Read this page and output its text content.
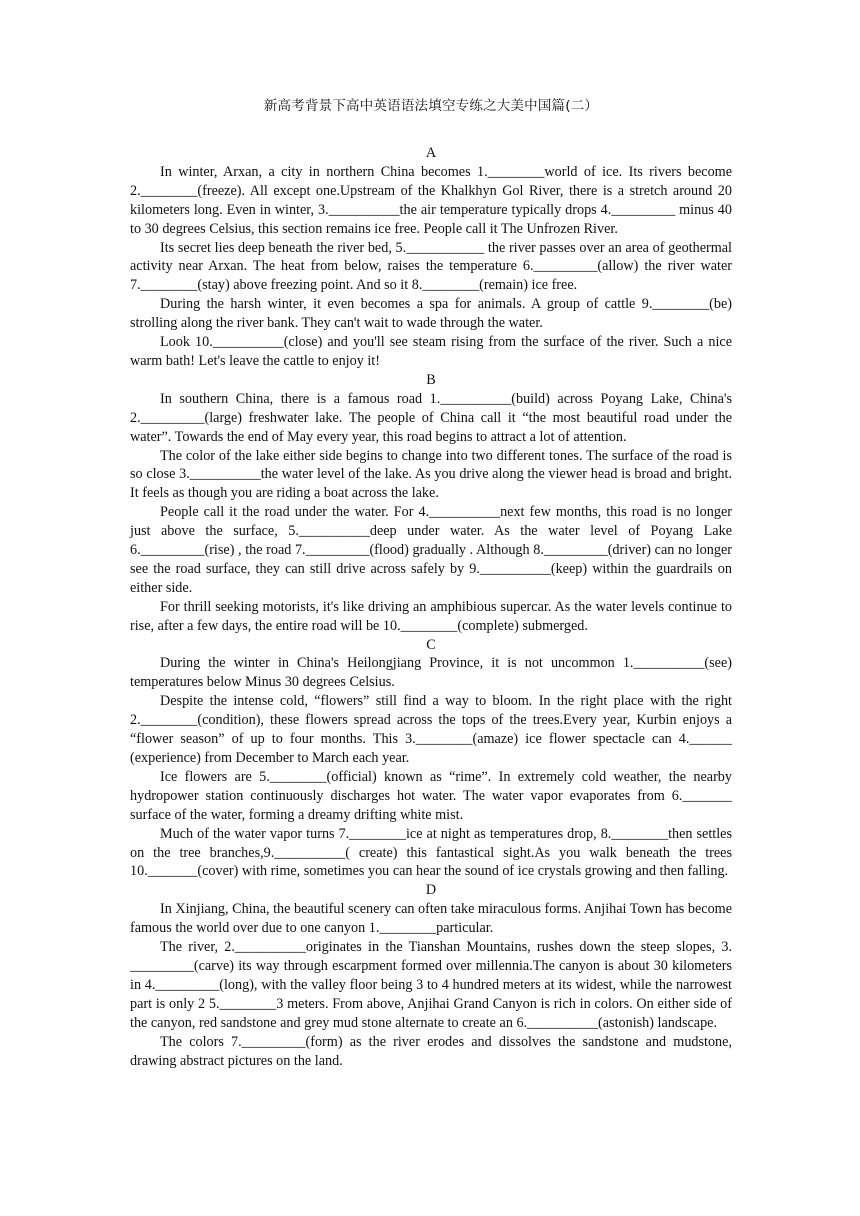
新高考背景下高中英语语法填空专练之大美中国篇(二）

A

In winter, Arxan, a city in northern China becomes 1.________world of ice. Its rivers become 2.________(freeze). All except one.Upstream of the Khalkhyn Gol River, there is a stretch around 20 kilometers long. Even in winter, 3.__________the air temperature typically drops 4._________ minus 40 to 30 degrees Celsius, this section remains ice free. People call it The Unfrozen River.

Its secret lies deep beneath the river bed, 5.___________ the river passes over an area of geothermal activity near Arxan. The heat from below, raises the temperature 6._________(allow) the river water 7.________(stay) above freezing point. And so it 8.________(remain) ice free.

During the harsh winter, it even becomes a spa for animals. A group of cattle 9.________(be) strolling along the river bank. They can't wait to wade through the water.

Look 10.__________(close) and you'll see steam rising from the surface of the river. Such a nice warm bath! Let's leave the cattle to enjoy it!

B

In southern China, there is a famous road 1.__________(build) across Poyang Lake, China's 2._________(large) freshwater lake. The people of China call it “the most beautiful road under the water”. Towards the end of May every year, this road begins to attract a lot of attention.

The color of the lake either side begins to change into two different tones. The surface of the road is so close 3.__________the water level of the lake. As you drive along the viewer head is broad and bright. It feels as though you are riding a boat across the lake.

People call it the road under the water. For 4.__________next few months, this road is no longer just above the surface, 5.__________deep under water. As the water level of Poyang Lake 6._________(rise) , the road 7._________(flood) gradually . Although 8._________(driver) can no longer see the road surface, they can still drive across safely by 9.__________(keep) within the guardrails on either side.

For thrill seeking motorists, it's like driving an amphibious supercar. As the water levels continue to rise, after a few days, the entire road will be 10.________(complete) submerged.

C

During the winter in China's Heilongjiang Province, it is not uncommon 1.__________(see) temperatures below Minus 30 degrees Celsius.

Despite the intense cold, “flowers” still find a way to bloom. In the right place with the right 2.________(condition), these flowers spread across the tops of the trees.Every year, Kurbin enjoys a “flower season” of up to four months. This 3.________(amaze) ice flower spectacle can 4.______ (experience) from December to March each year.

Ice flowers are 5.________(official) known as “rime”. In extremely cold weather, the nearby hydropower station continuously discharges hot water. The water vapor evaporates from 6._______ surface of the water, forming a dreamy drifting white mist.

Much of the water vapor turns 7.________ice at night as temperatures drop, 8.________then settles on the tree branches,9.__________( create) this fantastical sight.As you walk beneath the trees 10._______(cover) with rime, sometimes you can hear the sound of ice crystals growing and then falling.

D

In Xinjiang, China, the beautiful scenery can often take miraculous forms. Anjihai Town has become famous the world over due to one canyon 1.________particular.

The river, 2.__________originates in the Tianshan Mountains, rushes down the steep slopes, 3. _________(carve) its way through escarpment formed over millennia.The canyon is about 30 kilometers in 4._________(long), with the valley floor being 3 to 4 hundred meters at its widest, while the narrowest part is only 2 5.________3 meters. From above, Anjihai Grand Canyon is rich in colors. On either side of the canyon, red sandstone and grey mud stone alternate to create an 6.__________(astonish) landscape.

The colors 7._________(form) as the river erodes and dissolves the sandstone and mudstone, drawing abstract pictures on the land.
